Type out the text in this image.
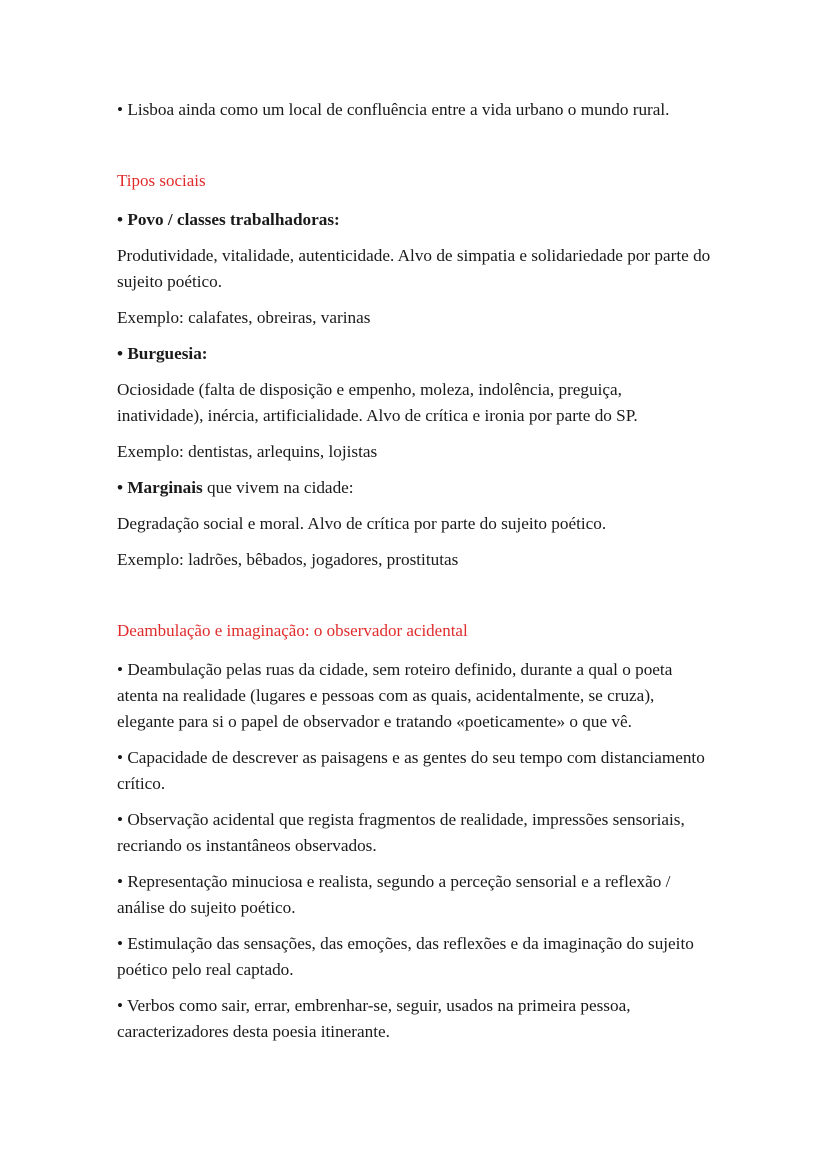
• Lisboa ainda como um local de confluência entre a vida urbano o mundo rural.

Tipos sociais

• Povo / classes trabalhadoras:

Produtividade, vitalidade, autenticidade. Alvo de simpatia e solidariedade por parte do sujeito poético.

Exemplo: calafates, obreiras, varinas

• Burguesia:

Ociosidade (falta de disposição e empenho, moleza, indolência, preguiça, inatividade), inércia, artificialidade. Alvo de crítica e ironia por parte do SP.

Exemplo: dentistas, arlequins, lojistas

• Marginais que vivem na cidade:

Degradação social e moral. Alvo de crítica por parte do sujeito poético.

Exemplo: ladrões, bêbados, jogadores, prostitutas

Deambulação e imaginação: o observador acidental

• Deambulação pelas ruas da cidade, sem roteiro definido, durante a qual o poeta atenta na realidade (lugares e pessoas com as quais, acidentalmente, se cruza), elegante para si o papel de observador e tratando «poeticamente» o que vê.

• Capacidade de descrever as paisagens e as gentes do seu tempo com distanciamento crítico.

• Observação acidental que regista fragmentos de realidade, impressões sensoriais, recriando os instantâneos observados.

• Representação minuciosa e realista, segundo a perceção sensorial e a reflexão / análise do sujeito poético.

• Estimulação das sensações, das emoções, das reflexões e da imaginação do sujeito poético pelo real captado.

• Verbos como sair, errar, embrenhar-se, seguir, usados na primeira pessoa, caracterizadores desta poesia itinerante.
